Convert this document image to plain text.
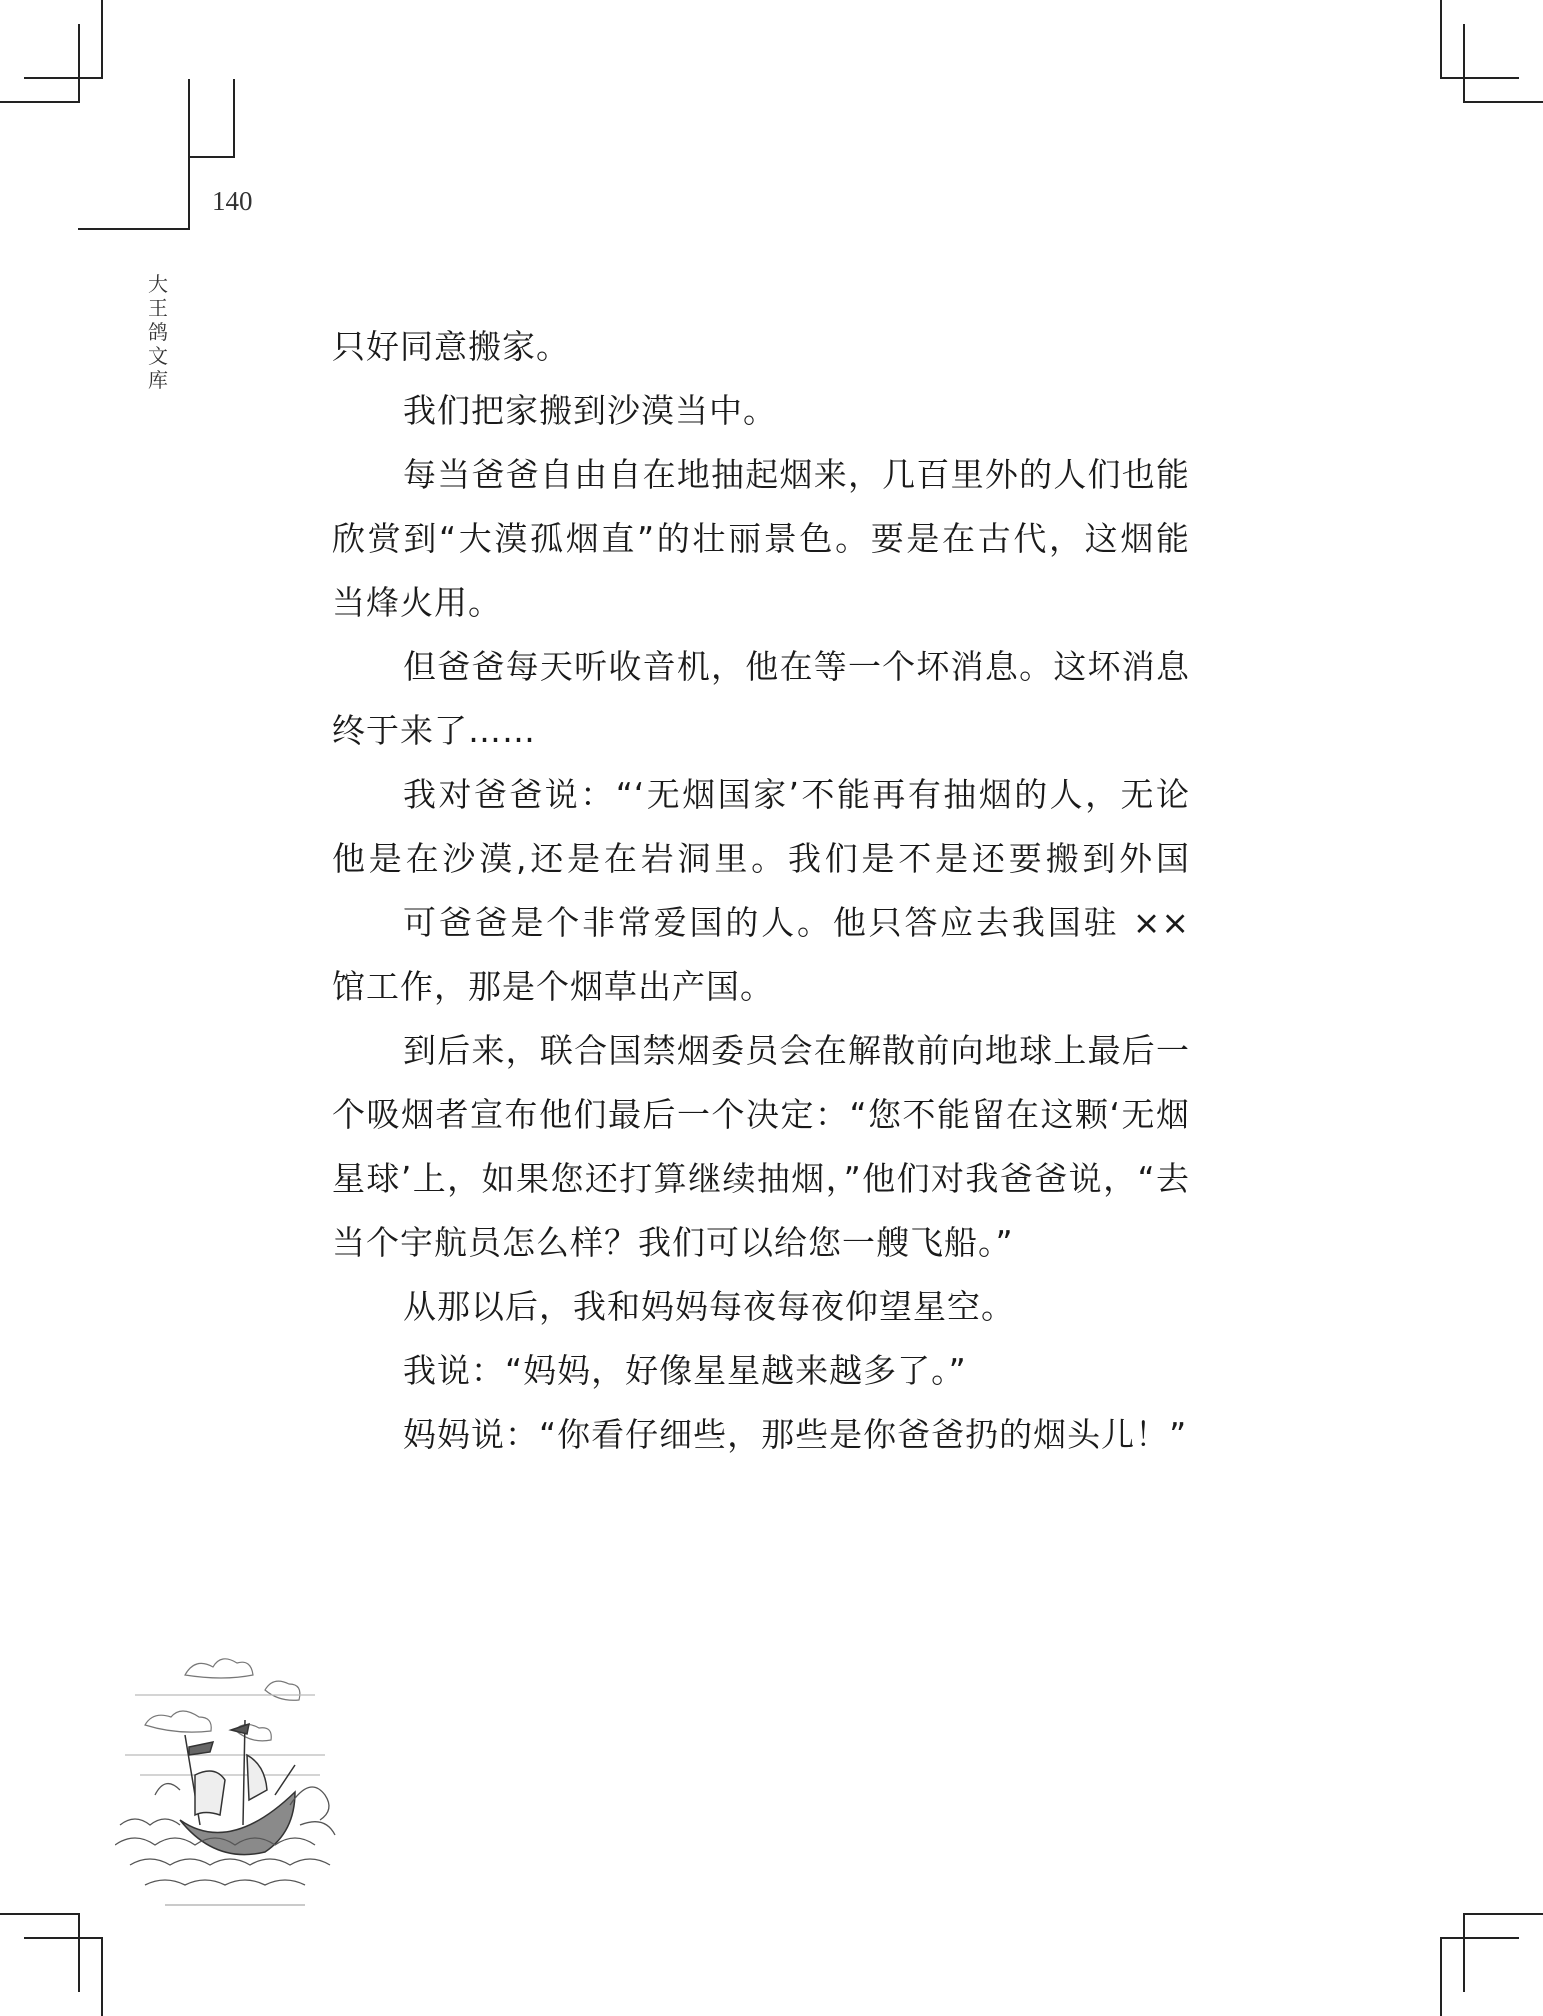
140
大
王
鸽
文
库
只好同意搬家。
我们把家搬到沙漠当中。
每当爸爸自由自在地抽起烟来，几百里外的人们也能
欣赏到“大漠孤烟直”的壮丽景色。要是在古代，这烟能
当烽火用。
但爸爸每天听收音机，他在等一个坏消息。这坏消息
终于来了……
我对爸爸说：“‘无烟国家’不能再有抽烟的人，无论
他是在沙漠,还是在岩洞里。我们是不是还要搬到外国
可爸爸是个非常爱国的人。他只答应去我国驻 ××
馆工作，那是个烟草出产国。
到后来，联合国禁烟委员会在解散前向地球上最后一
个吸烟者宣布他们最后一个决定：“您不能留在这颗‘无烟
星球’上，如果您还打算继续抽烟，”他们对我爸爸说，“去
当个宇航员怎么样？我们可以给您一艘飞船。”
从那以后，我和妈妈每夜每夜仰望星空。
我说：“妈妈，好像星星越来越多了。”
妈妈说：“你看仔细些，那些是你爸爸扔的烟头儿！”
